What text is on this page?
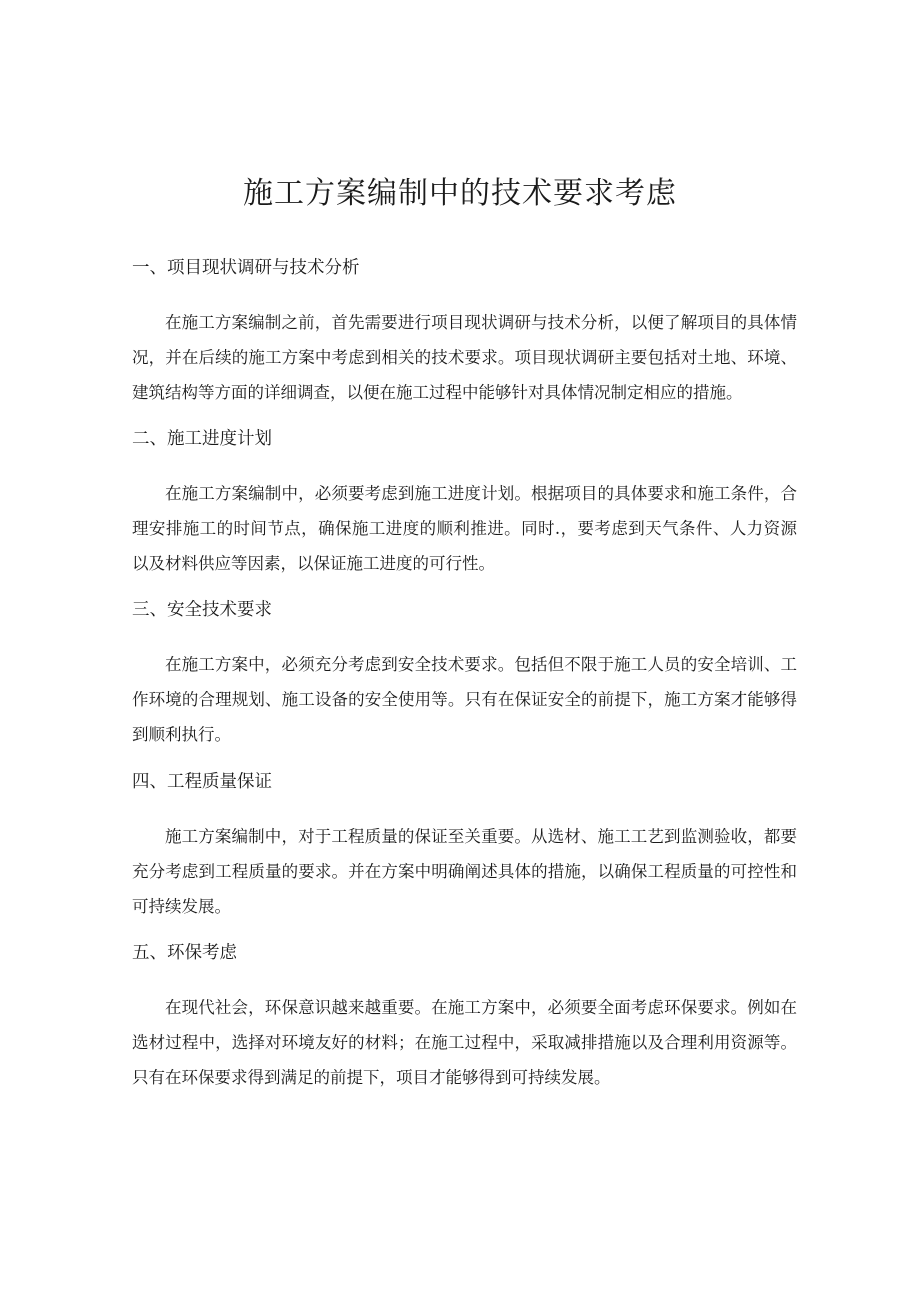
施工方案编制中的技术要求考虑
一、项目现状调研与技术分析

在施工方案编制之前，首先需要进行项目现状调研与技术分析，以便了解项目的具体情况，并在后续的施工方案中考虑到相关的技术要求。项目现状调研主要包括对土地、环境、建筑结构等方面的详细调查，以便在施工过程中能够针对具体情况制定相应的措施。

二、施工进度计划

在施工方案编制中，必须要考虑到施工进度计划。根据项目的具体要求和施工条件，合理安排施工的时间节点，确保施工进度的顺利推进。同时.，要考虑到天气条件、人力资源以及材料供应等因素，以保证施工进度的可行性。

三、安全技术要求

在施工方案中，必须充分考虑到安全技术要求。包括但不限于施工人员的安全培训、工作环境的合理规划、施工设备的安全使用等。只有在保证安全的前提下，施工方案才能够得到顺利执行。

四、工程质量保证

施工方案编制中，对于工程质量的保证至关重要。从选材、施工工艺到监测验收，都要充分考虑到工程质量的要求。并在方案中明确阐述具体的措施，以确保工程质量的可控性和可持续发展。

五、环保考虑

在现代社会，环保意识越来越重要。在施工方案中，必须要全面考虑环保要求。例如在选材过程中，选择对环境友好的材料；在施工过程中，采取减排措施以及合理利用资源等。只有在环保要求得到满足的前提下，项目才能够得到可持续发展。
